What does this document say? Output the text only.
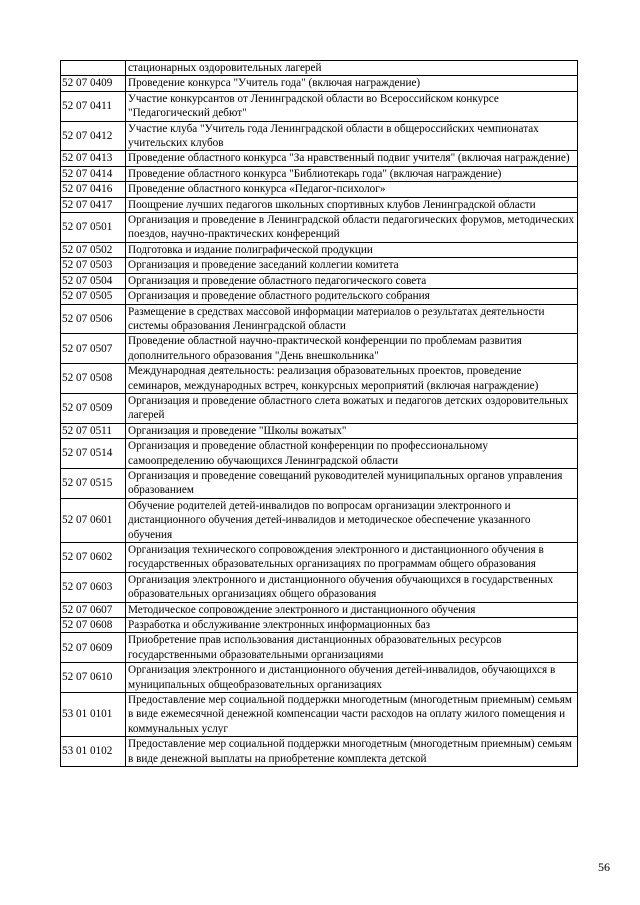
	стационарных оздоровительных лагерей
52 07 0409	Проведение конкурса "Учитель года" (включая награждение)
52 07 0411	Участие конкурсантов от Ленинградской области во Всероссийском конкурсе "Педагогический дебют"
52 07 0412	Участие клуба "Учитель года Ленинградской области в общероссийских чемпионатах учительских клубов
52 07 0413	Проведение областного конкурса "За нравственный подвиг учителя" (включая награждение)
52 07 0414	Проведение областного конкурса "Библиотекарь года" (включая награждение)
52 07 0416	Проведение областного конкурса «Педагог-психолог»
52 07 0417	Поощрение лучших педагогов школьных спортивных клубов Ленинградской области
52 07 0501	Организация и проведение в Ленинградской области педагогических форумов, методических поездов, научно-практических конференций
52 07 0502	Подготовка и издание полиграфической продукции
52 07 0503	Организация и проведение заседаний коллегии комитета
52 07 0504	Организация и проведение областного педагогического совета
52 07 0505	Организация и проведение областного родительского собрания
52 07 0506	Размещение в средствах массовой информации материалов о результатах деятельности системы образования Ленинградской области
52 07 0507	Проведение областной научно-практической конференции по проблемам развития дополнительного образования "День внешкольника"
52 07 0508	Международная деятельность: реализация образовательных проектов, проведение семинаров, международных встреч, конкурсных мероприятий (включая награждение)
52 07 0509	Организация и проведение областного слета вожатых и педагогов детских оздоровительных лагерей
52 07 0511	Организация и проведение "Школы вожатых"
52 07 0514	Организация и проведение областной конференции по профессиональному самоопределению обучающихся Ленинградской области
52 07 0515	Организация и проведение совещаний руководителей муниципальных органов управления образованием
52 07 0601	Обучение родителей детей-инвалидов по вопросам организации электронного и дистанционного обучения детей-инвалидов и методическое обеспечение указанного обучения
52 07 0602	Организация технического сопровождения электронного и дистанционного обучения в государственных образовательных организациях по программам общего образования
52 07 0603	Организация электронного и дистанционного обучения обучающихся в государственных образовательных организациях общего образования
52 07 0607	Методическое сопровождение электронного и дистанционного обучения
52 07 0608	Разработка и обслуживание электронных информационных баз
52 07 0609	Приобретение прав использования дистанционных образовательных ресурсов государственными образовательными организациями
52 07 0610	Организация электронного и дистанционного обучения детей-инвалидов, обучающихся в муниципальных общеобразовательных организациях
53 01 0101	Предоставление мер социальной поддержки многодетным (многодетным приемным) семьям в виде ежемесячной денежной компенсации части расходов на оплату жилого помещения и коммунальных услуг
53 01 0102	Предоставление мер социальной поддержки многодетным (многодетным приемным) семьям в виде денежной выплаты на приобретение комплекта детской
56
